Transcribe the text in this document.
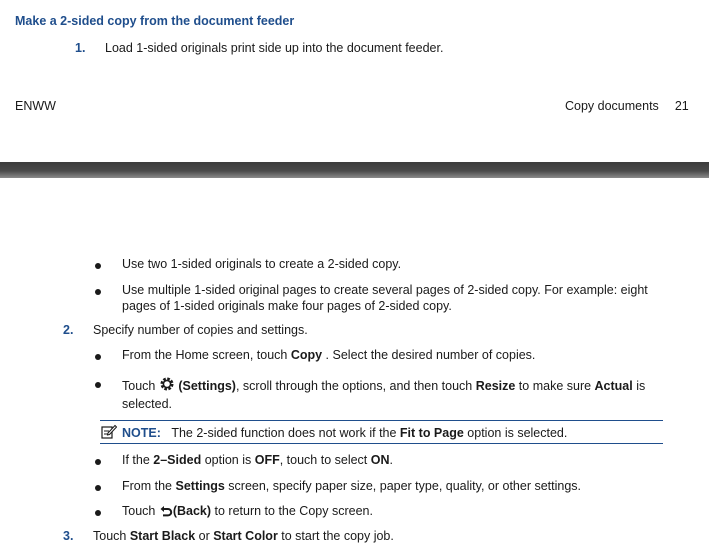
Make a 2-sided copy from the document feeder
1. Load 1-sided originals print side up into the document feeder.
ENWW	Copy documents 21
Use two 1-sided originals to create a 2-sided copy.
Use multiple 1-sided original pages to create several pages of 2-sided copy. For example: eight
pages of 1-sided originals make four pages of 2-sided copy.
2. Specify number of copies and settings.
From the Home screen, touch Copy . Select the desired number of copies.
Touch  (Settings), scroll through the options, and then touch Resize to make sure Actual is
selected.
NOTE: The 2-sided function does not work if the Fit to Page option is selected.
If the 2–Sided option is OFF, touch to select ON.
From the Settings screen, specify paper size, paper type, quality, or other settings.
Touch (Back) to return to the Copy screen.
3. Touch Start Black or Start Color to start the copy job.
